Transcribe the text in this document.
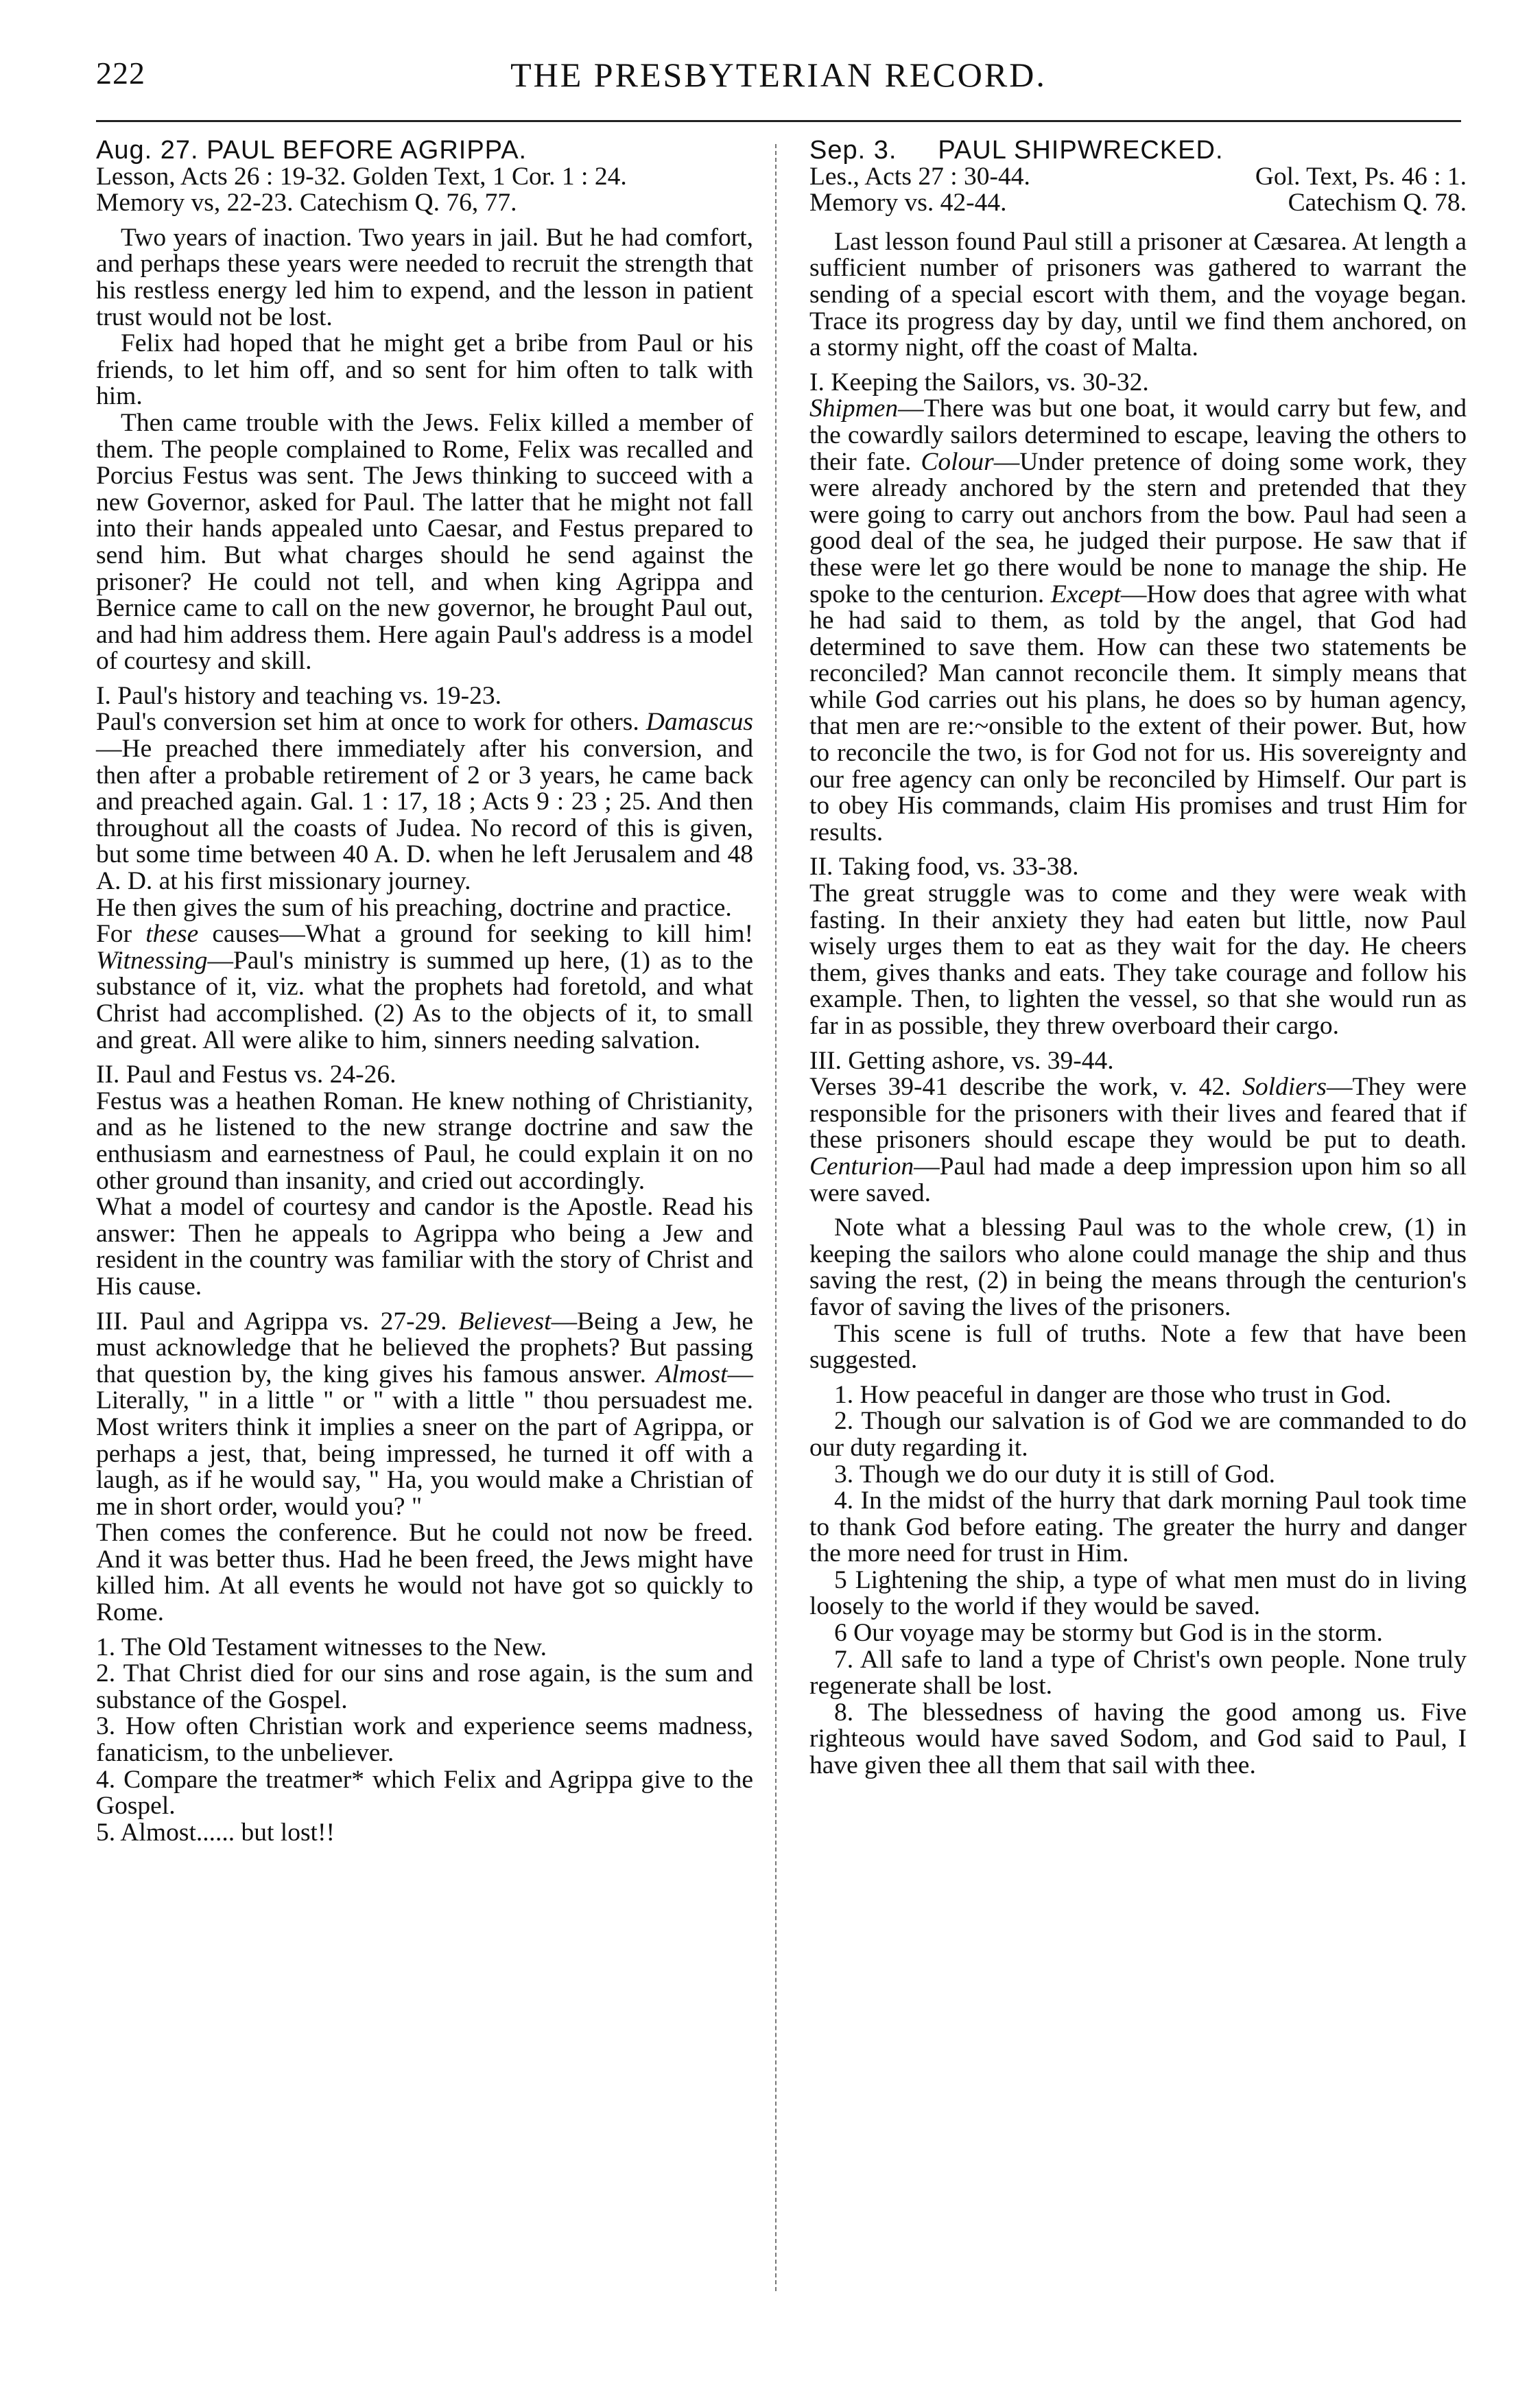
222	THE PRESBYTERIAN RECORD.

Aug. 27. PAUL BEFORE AGRIPPA.

Lesson, Acts 26 : 19-32. Golden Text, 1 Cor. 1 : 24.

Memory vs, 22-23. Catechism Q. 76, 77.

Two years of inaction. Two years in jail. But he had comfort, and perhaps these years were needed to recruit the strength that his restless energy led him to expend, and the lesson in patient trust would not be lost.

Felix had hoped that he might get a bribe from Paul or his friends, to let him off, and so sent for him often to talk with him.

Then came trouble with the Jews. Felix killed a member of them. The people complained to Rome, Felix was recalled and Porcius Festus was sent. The Jews thinking to succeed with a new Governor, asked for Paul. The latter that he might not fall into their hands appealed unto Caesar, and Festus prepared to send him. But what charges should he send against the prisoner? He could not tell, and when king Agrippa and Bernice came to call on the new governor, he brought Paul out, and had him address them. Here again Paul's address is a model of courtesy and skill.

I. Paul's history and teaching vs. 19-23.

Paul's conversion set him at once to work for others. Damascus—He preached there immediately after his conversion, and then after a probable retirement of 2 or 3 years, he came back and preached again. Gal. 1 : 17, 18 ; Acts 9 : 23 ; 25. And then throughout all the coasts of Judea. No record of this is given, but some time between 40 A. D. when he left Jerusalem and 48 A. D. at his first missionary journey.

He then gives the sum of his preaching, doctrine and practice.

For these causes—What a ground for seeking to kill him! Witnessing—Paul's ministry is summed up here, (1) as to the substance of it, viz. what the prophets had foretold, and what Christ had accomplished. (2) As to the objects of it, to small and great. All were alike to him, sinners needing salvation.

II. Paul and Festus vs. 24-26.

Festus was a heathen Roman. He knew nothing of Christianity, and as he listened to the new strange doctrine and saw the enthusiasm and earnestness of Paul, he could explain it on no other ground than insanity, and cried out accordingly.

What a model of courtesy and candor is the Apostle. Read his answer: Then he appeals to Agrippa who being a Jew and resident in the country was familiar with the story of Christ and His cause.

III. Paul and Agrippa vs. 27-29. Believest—Being a Jew, he must acknowledge that he believed the prophets? But passing that question by, the king gives his famous answer. Almost—Literally, " in a little " or " with a little " thou persuadest me. Most writers think it implies a sneer on the part of Agrippa, or perhaps a jest, that, being impressed, he turned it off with a laugh, as if he would say, " Ha, you would make a Christian of me in short order, would you? "

Then comes the conference. But he could not now be freed. And it was better thus. Had he been freed, the Jews might have killed him. At all events he would not have got so quickly to Rome.

1. The Old Testament witnesses to the New.

2. That Christ died for our sins and rose again, is the sum and substance of the Gospel.

3. How often Christian work and experience seems madness, fanaticism, to the unbeliever.

4. Compare the treatmer* which Felix and Agrippa give to the Gospel.

5. Almost...... but lost!!

Sep. 3.	PAUL SHIPWRECKED.
Les., Acts 27 : 30-44.	Gol. Text, Ps. 46 : 1.
Memory vs. 42-44.	Catechism Q. 78.

Last lesson found Paul still a prisoner at Cæsarea. At length a sufficient number of prisoners was gathered to warrant the sending of a special escort with them, and the voyage began. Trace its progress day by day, until we find them anchored, on a stormy night, off the coast of Malta.

I. Keeping the Sailors, vs. 30-32.

Shipmen—There was but one boat, it would carry but few, and the cowardly sailors determined to escape, leaving the others to their fate. Colour—Under pretence of doing some work, they were already anchored by the stern and pretended that they were going to carry out anchors from the bow. Paul had seen a good deal of the sea, he judged their purpose. He saw that if these were let go there would be none to manage the ship. He spoke to the centurion. Except—How does that agree with what he had said to them, as told by the angel, that God had determined to save them. How can these two statements be reconciled? Man cannot reconcile them. It simply means that while God carries out his plans, he does so by human agency, that men are re:~onsible to the extent of their power. But, how to reconcile the two, is for God not for us. His sovereignty and our free agency can only be reconciled by Himself. Our part is to obey His commands, claim His promises and trust Him for results.

II. Taking food, vs. 33-38.

The great struggle was to come and they were weak with fasting. In their anxiety they had eaten but little, now Paul wisely urges them to eat as they wait for the day. He cheers them, gives thanks and eats. They take courage and follow his example. Then, to lighten the vessel, so that she would run as far in as possible, they threw overboard their cargo.

III. Getting ashore, vs. 39-44.

Verses 39-41 describe the work, v. 42. Soldiers—They were responsible for the prisoners with their lives and feared that if these prisoners should escape they would be put to death. Centurion—Paul had made a deep impression upon him so all were saved.

Note what a blessing Paul was to the whole crew, (1) in keeping the sailors who alone could manage the ship and thus saving the rest, (2) in being the means through the centurion's favor of saving the lives of the prisoners.

This scene is full of truths. Note a few that have been suggested.

1. How peaceful in danger are those who trust in God.

2. Though our salvation is of God we are commanded to do our duty regarding it.

3. Though we do our duty it is still of God.

4. In the midst of the hurry that dark morning Paul took time to thank God before eating. The greater the hurry and danger the more need for trust in Him.

5 Lightening the ship, a type of what men must do in living loosely to the world if they would be saved.

6 Our voyage may be stormy but God is in the storm.

7. All safe to land a type of Christ's own people. None truly regenerate shall be lost.

8. The blessedness of having the good among us. Five righteous would have saved Sodom, and God said to Paul, I have given thee all them that sail with thee.
